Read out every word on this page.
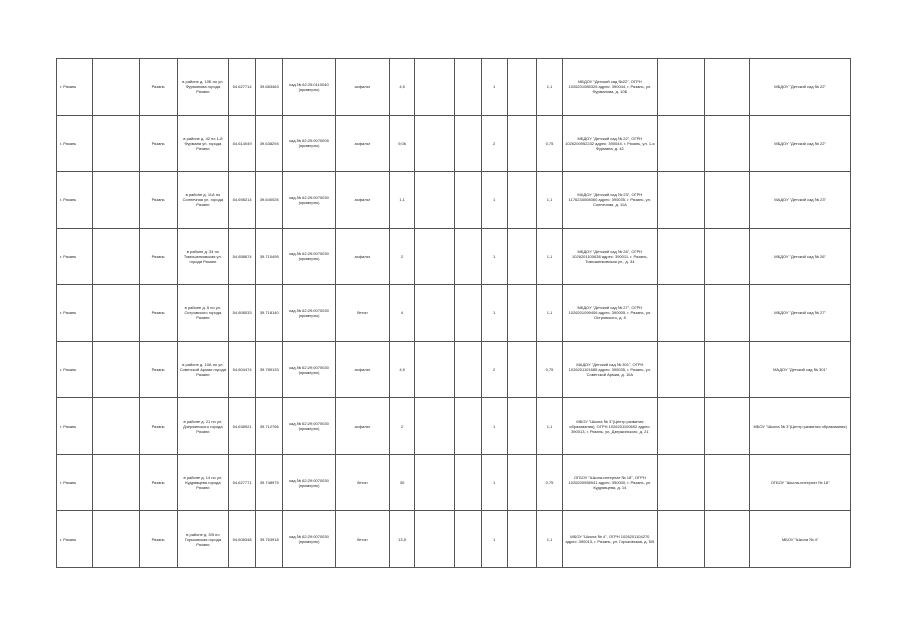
г. Рязань		Рязань	в районе д. 10Б по ул. Фурманова города Рязани	54.627714	39.683463	кад.№ 62:29:0110040 (примерно)	асфальт	4,5			1		1,1	МБДОУ "Детский сад №22", ОГРН 1026201085325 адрес: 390044, г. Рязань, ул. Фурманова, д. 10Б			МБДОУ "Детский сад № 22"
г. Рязань		Рязань	в районе д. 42 по 1-й Фурмана ул. города Рязани	54.614049	39.638294	кад.№ 62:29:0070005 (примерно)	асфальт	9,06			2		0,75	МБДОУ "Детский сад № 22", ОГРН 1026200952232 адрес: 390044, г. Рязань, ул. 1-я Фурмана, д. 42			МБДОУ "Детский сад № 22"
г. Рязань		Рязань	в районе д. 11А по Солнечная ул. города Рязани	54.698214	39.640026	кад.№ 62:29:0070030 (примерно)	асфальт	1,1			1		1,1	МАДОУ "Детский сад № 23", ОГРН 1176234008060 адрес: 390035, г. Рязань, ул. Солнечная, д. 11А			МАДОУ "Детский сад № 23"
г. Рязань		Рязань	в районе д. 34 по Тимошенковская ул. города Рязани	54.658674	39.710495	кад.№ 62:29:0070030 (примерно)	асфальт	2			1		1,1	МБДОУ "Детский сад № 26", ОГРН 1026201100638 адрес: 390011, г. Рязань, Тимошенковская ул., д. 34			МБДОУ "Детский сад № 26"
г. Рязань		Рязань	в районе д. 5 по ул. Островского города Рязани	54.608033	39.718140	кад.№ 62:29:0070030 (примерно)	бетон	4			1		1,1	МБДОУ "Детский сад № 27", ОГРН 1026201099406 адрес: 390005, г. Рязань, ул. Островского, д. 5			МБДОУ "Детский сад № 27"
г. Рязань		Рязань	в районе д. 10А по ул. Советской Армии города Рязани	54.604474	39.789133	кад.№ 62:29:0070030 (примерно)	асфальт	4,9			2		0,75	МАДОУ "Детский сад № 301", ОГРН 1026201101685 адрес: 390035, г. Рязань, ул. Советской Армии, д. 10А			МАДОУ "Детский сад № 301"
г. Рязань		Рязань	в районе д. 21 по ул. Дзержинского города Рязани	54.638921	39.712766	кад.№ 62:29:0070030 (примерно)	асфальт	2			1		1,1	МБОУ "Школа № 3"(Центр развития образования), ОГРН 1026201100692 адрес: 390013, г. Рязань, ул. Дзержинского, д. 21			МБОУ "Школа № 3"(Центр развития образования)
г. Рязань		Рязань	в районе д. 14 по ул. Кудрявцева города Рязани	54.627771	39.748975	кад.№ 62:29:0070030 (примерно)	бетон	30			1		0,75	ОГБОУ "Школа-интернат № 18", ОГРН 1026200958941 адрес: 390000, г. Рязань, ул. Кудрявцева, д. 14			ОГБОУ "Школа-интернат № 18"
г. Рязань		Рязань	в районе д. 5/5 по Горьковская города Рязани	54.608348	39.763918	кад.№ 62:29:0070030 (примерно)	бетон	13,5			1		1,1	МБОУ "Школа № 4", ОГРН 1026201104270 адрес: 390013, г. Рязань, ул. Горьковская, д. 5/5			МБОУ "Школа № 4"
